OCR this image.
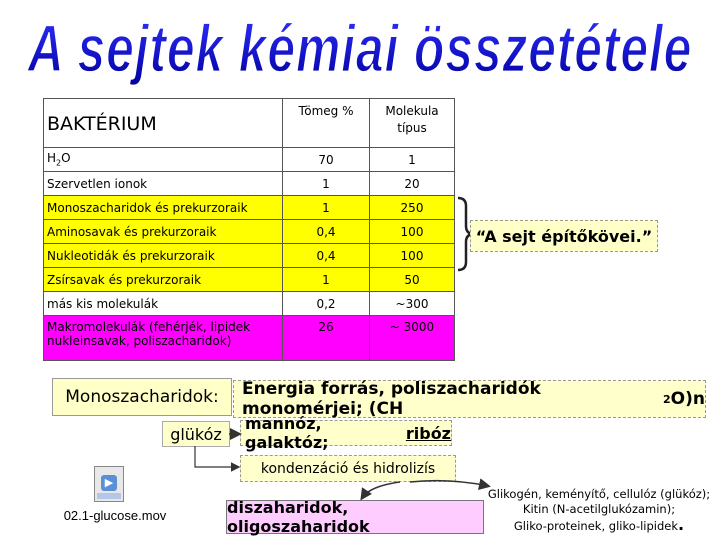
A sejtek kémiai összetétele
BAKTÉRIUM	Tömeg %	Molekula típus
$H_2O$	70	1
Szervetlen ionok	1	20
Monoszacharidok és prekurzoraik	1	250
Aminosavak és prekurzoraik	0,4	100
Nukleotidák és prekurzoraik	0,4	100
Zsírsavak és prekurzoraik	1	50
más kis molekulák	0,2	~300
Makromolekulák (fehérjék, lipidek nukleinsavak, poliszacharidok)	26	~ 3000
“A sejt építőkövei.”
Monoszacharidok:	Energia forrás, poliszacharidók monomérjei; (CH	2 O)n
glükóz
mannóz, galaktóz;	ribóz
kondenzáció és hidrolizís
diszaharidok, oligoszaharidok
Glikogén, keményítő, cellulóz (glükóz);
Kitin (N-acetilglukózamin);
Gliko-proteinek, gliko-lipidek.
▶
02.1-glucose.mov
